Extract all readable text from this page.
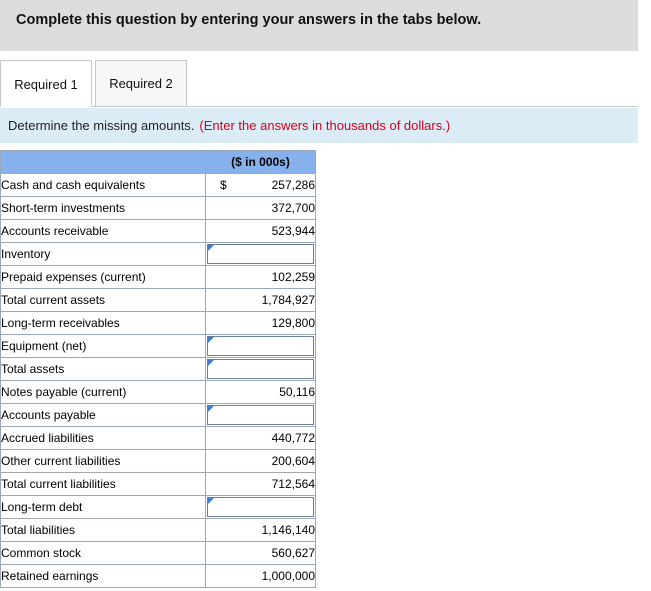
Complete this question by entering your answers in the tabs below.
Required 1	Required 2
Determine the missing amounts. (Enter the answers in thousands of dollars.)
	($ in 000s)
Cash and cash equivalents	$ 257,286
Short-term investments	372,700
Accounts receivable	523,944
Inventory	

Prepaid expenses (current)	102,259
Total current assets	1,784,927
Long-term receivables	129,800
Equipment (net)	

Total assets	

Notes payable (current)	50,116
Accounts payable	

Accrued liabilities	440,772
Other current liabilities	200,604
Total current liabilities	712,564
Long-term debt	

Total liabilities	1,146,140
Common stock	560,627
Retained earnings	1,000,000
